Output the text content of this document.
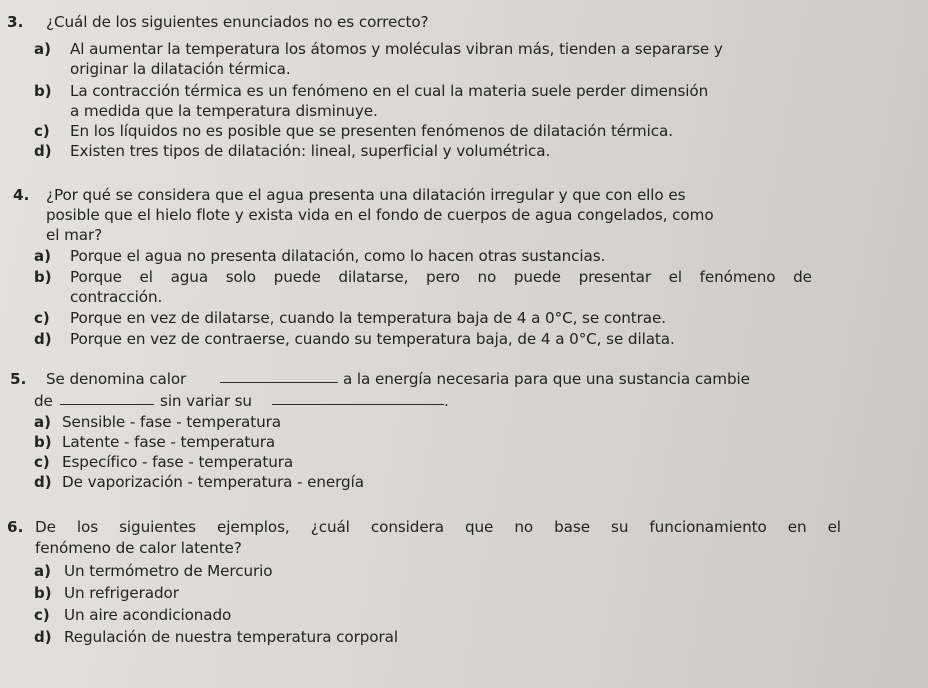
3. ¿Cuál de los siguientes enunciados no es correcto?
a) Al aumentar la temperatura los átomos y moléculas vibran más, tienden a separarse y
originar la dilatación térmica.
b) La contracción térmica es un fenómeno en el cual la materia suele perder dimensión
a medida que la temperatura disminuye.
c) En los líquidos no es posible que se presenten fenómenos de dilatación térmica.
d) Existen tres tipos de dilatación: lineal, superficial y volumétrica.
4. ¿Por qué se considera que el agua presenta una dilatación irregular y que con ello es
posible que el hielo flote y exista vida en el fondo de cuerpos de agua congelados, como
el mar?
a) Porque el agua no presenta dilatación, como lo hacen otras sustancias.
b) Porque el agua solo puede dilatarse, pero no puede presentar el fenómeno de
contracción.
c) Porque en vez de dilatarse, cuando la temperatura baja de 4 a 0°C, se contrae.
d) Porque en vez de contraerse, cuando su temperatura baja, de 4 a 0°C, se dilata.
5. Se denomina calor	a la energía necesaria para que una sustancia cambie
de	sin variar su	.
a) Sensible - fase - temperatura
b) Latente - fase - temperatura
c) Específico - fase - temperatura
d) De vaporización - temperatura - energía
6. De los siguientes ejemplos, ¿cuál considera que no base su funcionamiento en el
fenómeno de calor latente?
a) Un termómetro de Mercurio
b) Un refrigerador
c) Un aire acondicionado
d) Regulación de nuestra temperatura corporal
